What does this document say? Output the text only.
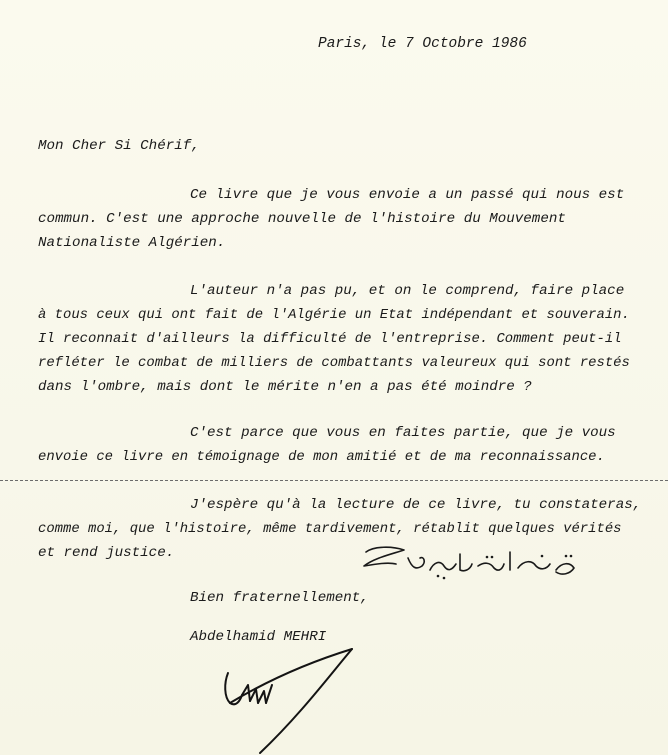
Paris, le 7 Octobre 1986
Mon Cher Si Chérif,
Ce livre que je vous envoie a un passé qui nous est
commun. C'est une approche nouvelle de l'histoire du Mouvement
Nationaliste Algérien.
L'auteur n'a pas pu, et on le comprend, faire place
à tous ceux qui ont fait de l'Algérie un Etat indépendant et souverain.
Il reconnait d'ailleurs la difficulté de l'entreprise. Comment peut-il
refléter le combat de milliers de combattants valeureux qui sont restés
dans l'ombre, mais dont le mérite n'en a pas été moindre ?
C'est parce que vous en faites partie, que je vous
envoie ce livre en témoignage de mon amitié et de ma reconnaissance.
J'espère qu'à la lecture de ce livre, tu constateras,
comme moi, que l'histoire, même tardivement, rétablit quelques vérités
et rend justice.
Bien fraternellement,
Abdelhamid MEHRI
